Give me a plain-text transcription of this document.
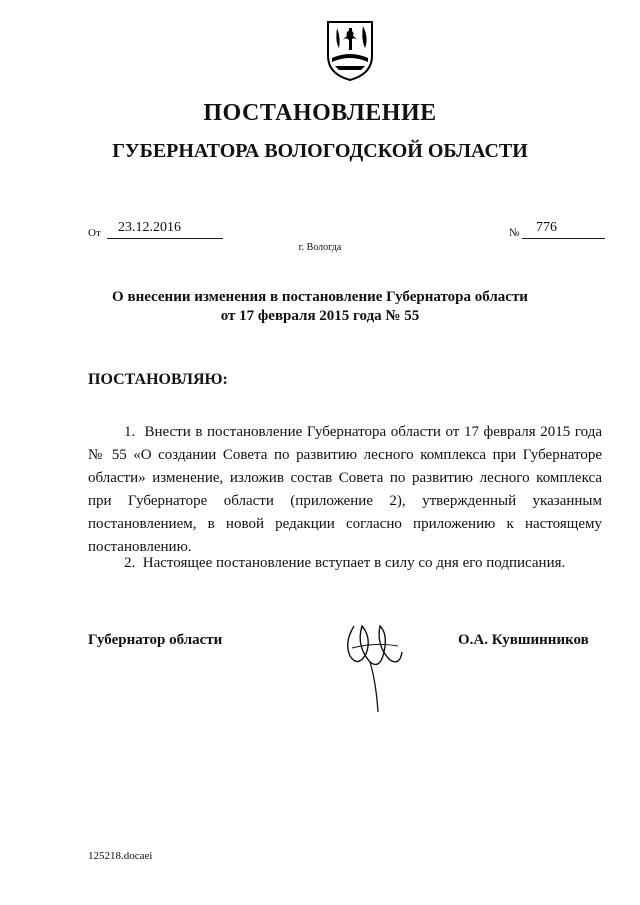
ПОСТАНОВЛЕНИЕ
ГУБЕРНАТОРА ВОЛОГОДСКОЙ ОБЛАСТИ
От 23.12.2016	№ 776
г. Вологда
О внесении изменения в постановление Губернатора области
от 17 февраля 2015 года № 55
ПОСТАНОВЛЯЮ:
1. Внести в постановление Губернатора области от 17 февраля 2015 года № 55 «О создании Совета по развитию лесного комплекса при Губернаторе области» изменение, изложив состав Совета по развитию лесного комплекса при Губернаторе области (приложение 2), утвержденный указанным постановлением, в новой редакции согласно приложению к настоящему постановлению.
2. Настоящее постановление вступает в силу со дня его подписания.
Губернатор области	О.А. Кувшинников
125218.docaei
